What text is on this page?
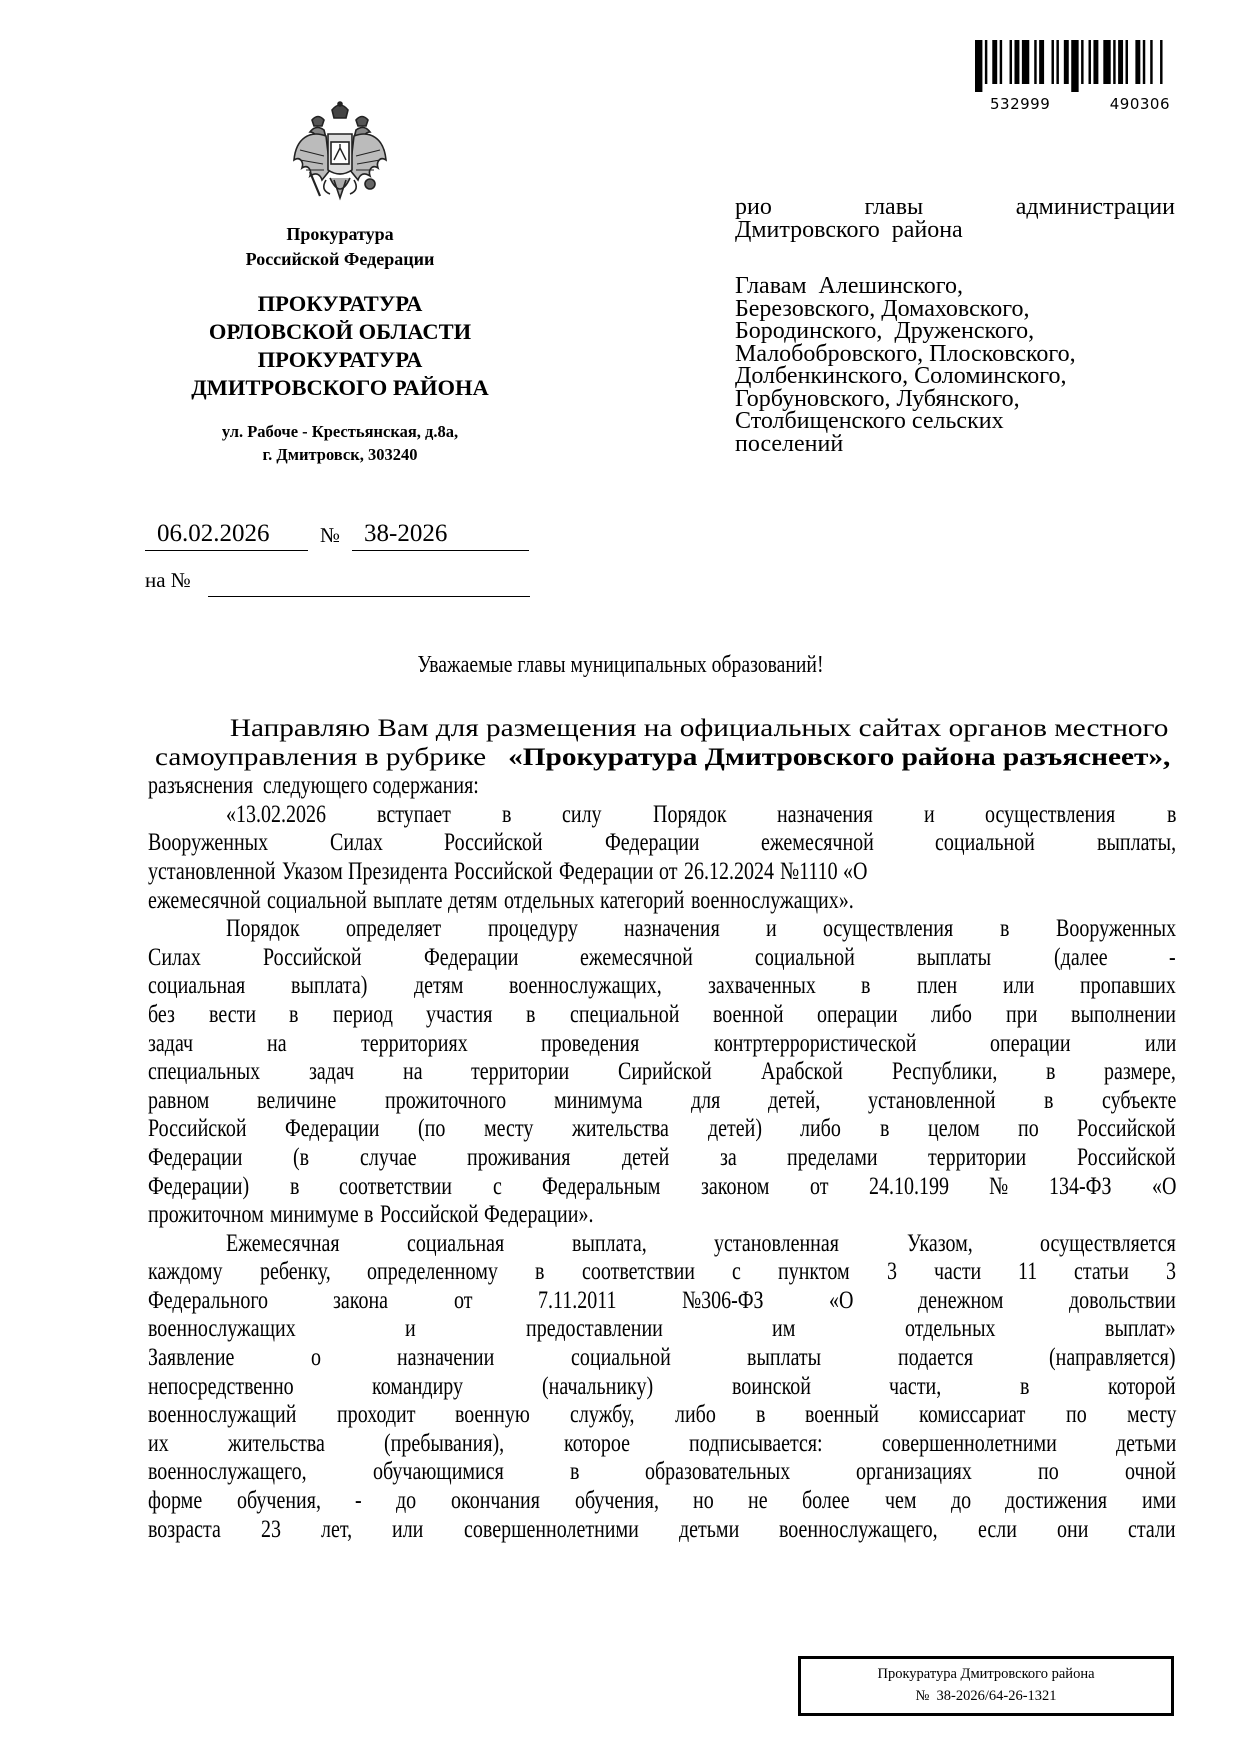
532999	490306
Прокуратура
Российской Федерации
ПРОКУРАТУРА
ОРЛОВСКОЙ ОБЛАСТИ
ПРОКУРАТУРА
ДМИТРОВСКОГО РАЙОНА
ул. Рабоче - Крестьянская, д.8а,
г. Дмитровск, 303240
рио	главы	администрации
Дмитровского  района
Главам  Алешинского,
Березовского, Домаховского,
Бородинского,  Друженского,
Малобобровского, Плосковского,
Долбенкинского, Соломинского,
Горбуновского, Лубянского,
Столбищенского сельских
поселений
06.02.2026 № 38-2026
на №
Уважаемые главы муниципальных образований!
Направляю Вам для размещения на официальных сайтах органов местного
самоуправления в рубрике «Прокуратура Дмитровского района разъяснеет»,
разъяснения  следующего содержания:
«13.02.2026 вступает в силу Порядок назначения и осуществления в
Вооруженных Силах Российской Федерации ежемесячной социальной выплаты,
установленной Указом Президента Российской Федерации от 26.12.2024 №1110 «О
ежемесячной социальной выплате детям отдельных категорий военнослужащих».
Порядок определяет процедуру назначения и осуществления в Вооруженных
Силах Российской Федерации ежемесячной социальной выплаты (далее -
социальная выплата) детям военнослужащих, захваченных в плен или пропавших
без вести в период участия в специальной военной операции либо при выполнении
задач	на	территориях	проведения	контртеррористической	операции	или
специальных задач на территории Сирийской Арабской Республики, в размере,
равном величине прожиточного минимума для детей, установленной в субъекте
Российской Федерации (по месту жительства детей) либо в целом по Российской
Федерации (в случае проживания детей за пределами территории Российской
Федерации) в соответствии с Федеральным законом от 24.10.199 № 134-ФЗ «О
прожиточном минимуме в Российской Федерации».
Ежемесячная	социальная	выплата,	установленная	Указом,	осуществляется
каждому ребенку, определенному в соответствии с пунктом 3 части 11 статьи 3
Федерального	закона	от	7.11.2011	№306-ФЗ	«О	денежном	довольствии
военнослужащих	и	предоставлении	им	отдельных	выплат»
Заявление	о	назначении	социальной	выплаты	подается	(направляется)
непосредственно	командиру	(начальнику)	воинской	части,	в	которой
военнослужащий проходит военную службу, либо в военный комиссариат по месту
их жительства (пребывания), которое подписывается: совершеннолетними детьми
военнослужащего,	обучающимися	в	образовательных	организациях	по	очной
форме обучения, - до окончания обучения, но не более чем до достижения ими
возраста 23 лет, или совершеннолетними детьми военнослужащего, если они стали
Прокуратура Дмитровского района
№  38-2026/64-26-1321
